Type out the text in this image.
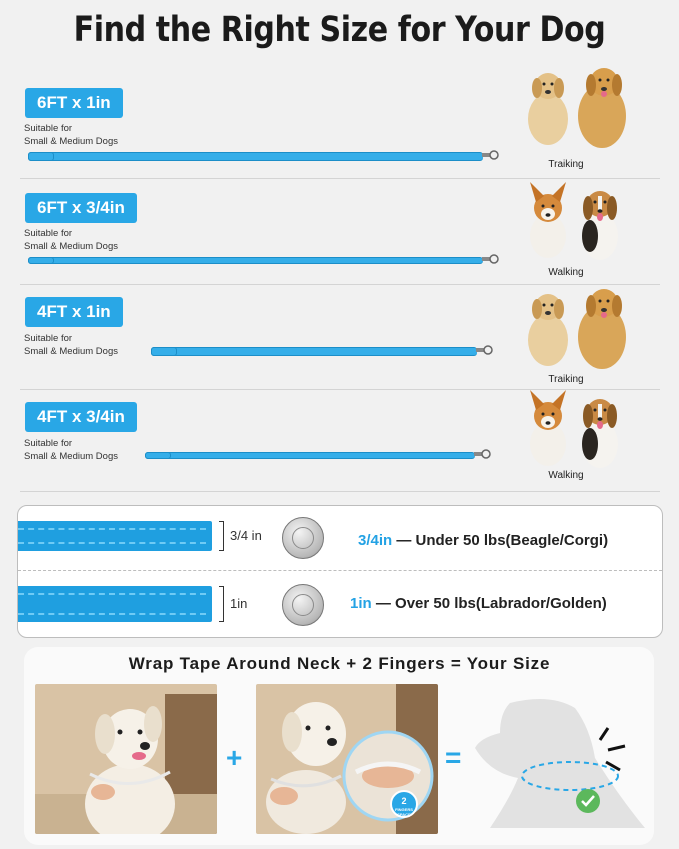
Find the Right Size for Your Dog
6FT x 1in
Suitable for
Small & Medium Dogs
Traiking
6FT x 3/4in
Suitable for
Small & Medium Dogs
Walking
4FT x 1in
Suitable for
Small & Medium Dogs
Traiking
4FT x 3/4in
Suitable for
Small & Medium Dogs
Walking
3/4 in	3/4in — Under 50 lbs(Beagle/Corgi)
1in	1in — Over 50 lbs(Labrador/Golden)
Wrap Tape Around Neck + 2 Fingers = Your Size
+
2
FINGERS
SPACE
=
